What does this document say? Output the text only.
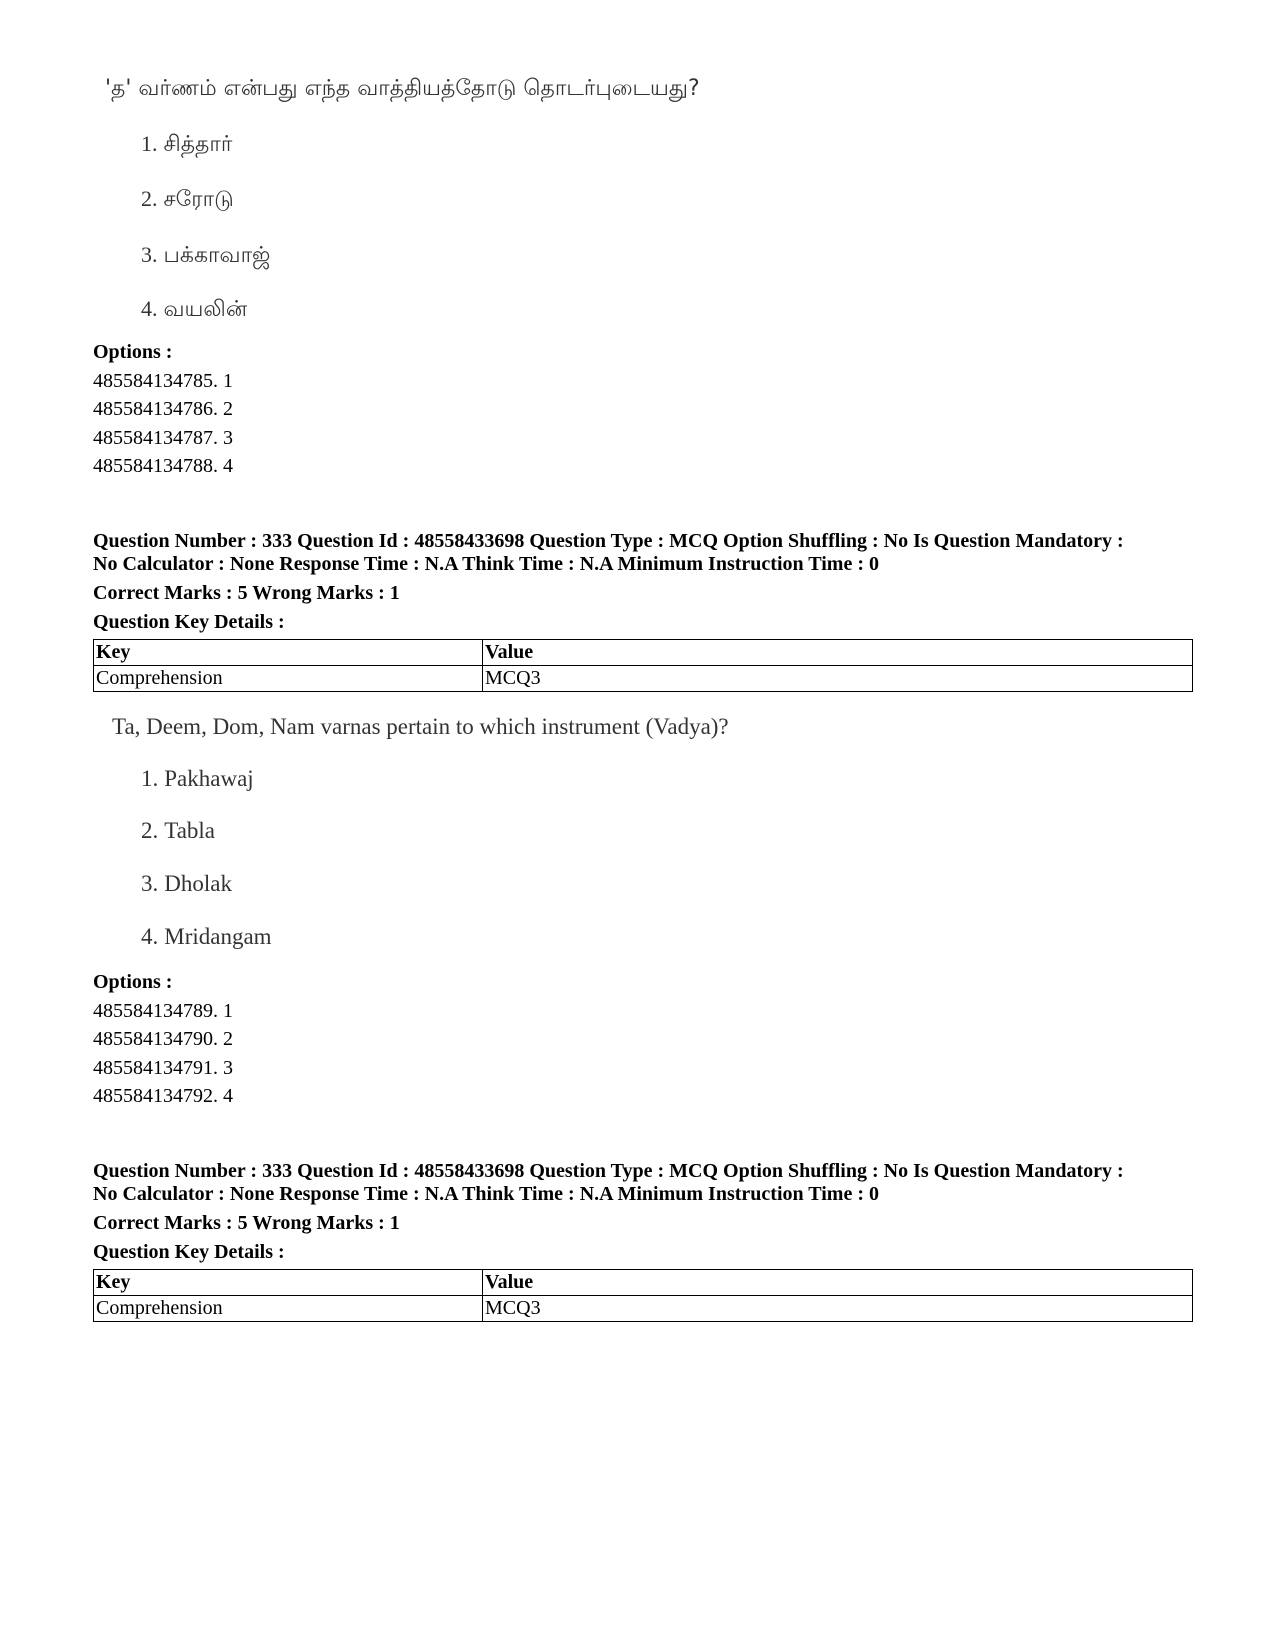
'த' வர்ணம் என்பது எந்த வாத்தியத்தோடு தொடர்புடையது?
1. சித்தார்
2. சரோடு
3. பக்காவாஜ்
4. வயலின்
Options :
485584134785. 1
485584134786. 2
485584134787. 3
485584134788. 4
Question Number : 333 Question Id : 48558433698 Question Type : MCQ Option Shuffling : No Is Question Mandatory :
No Calculator : None Response Time : N.A Think Time : N.A Minimum Instruction Time : 0
Correct Marks : 5 Wrong Marks : 1
Question Key Details :
Key	Value
Comprehension	MCQ3
Ta, Deem, Dom, Nam varnas pertain to which instrument (Vadya)?
1. Pakhawaj
2. Tabla
3. Dholak
4. Mridangam
Options :
485584134789. 1
485584134790. 2
485584134791. 3
485584134792. 4
Question Number : 333 Question Id : 48558433698 Question Type : MCQ Option Shuffling : No Is Question Mandatory :
No Calculator : None Response Time : N.A Think Time : N.A Minimum Instruction Time : 0
Correct Marks : 5 Wrong Marks : 1
Question Key Details :
Key	Value
Comprehension	MCQ3
